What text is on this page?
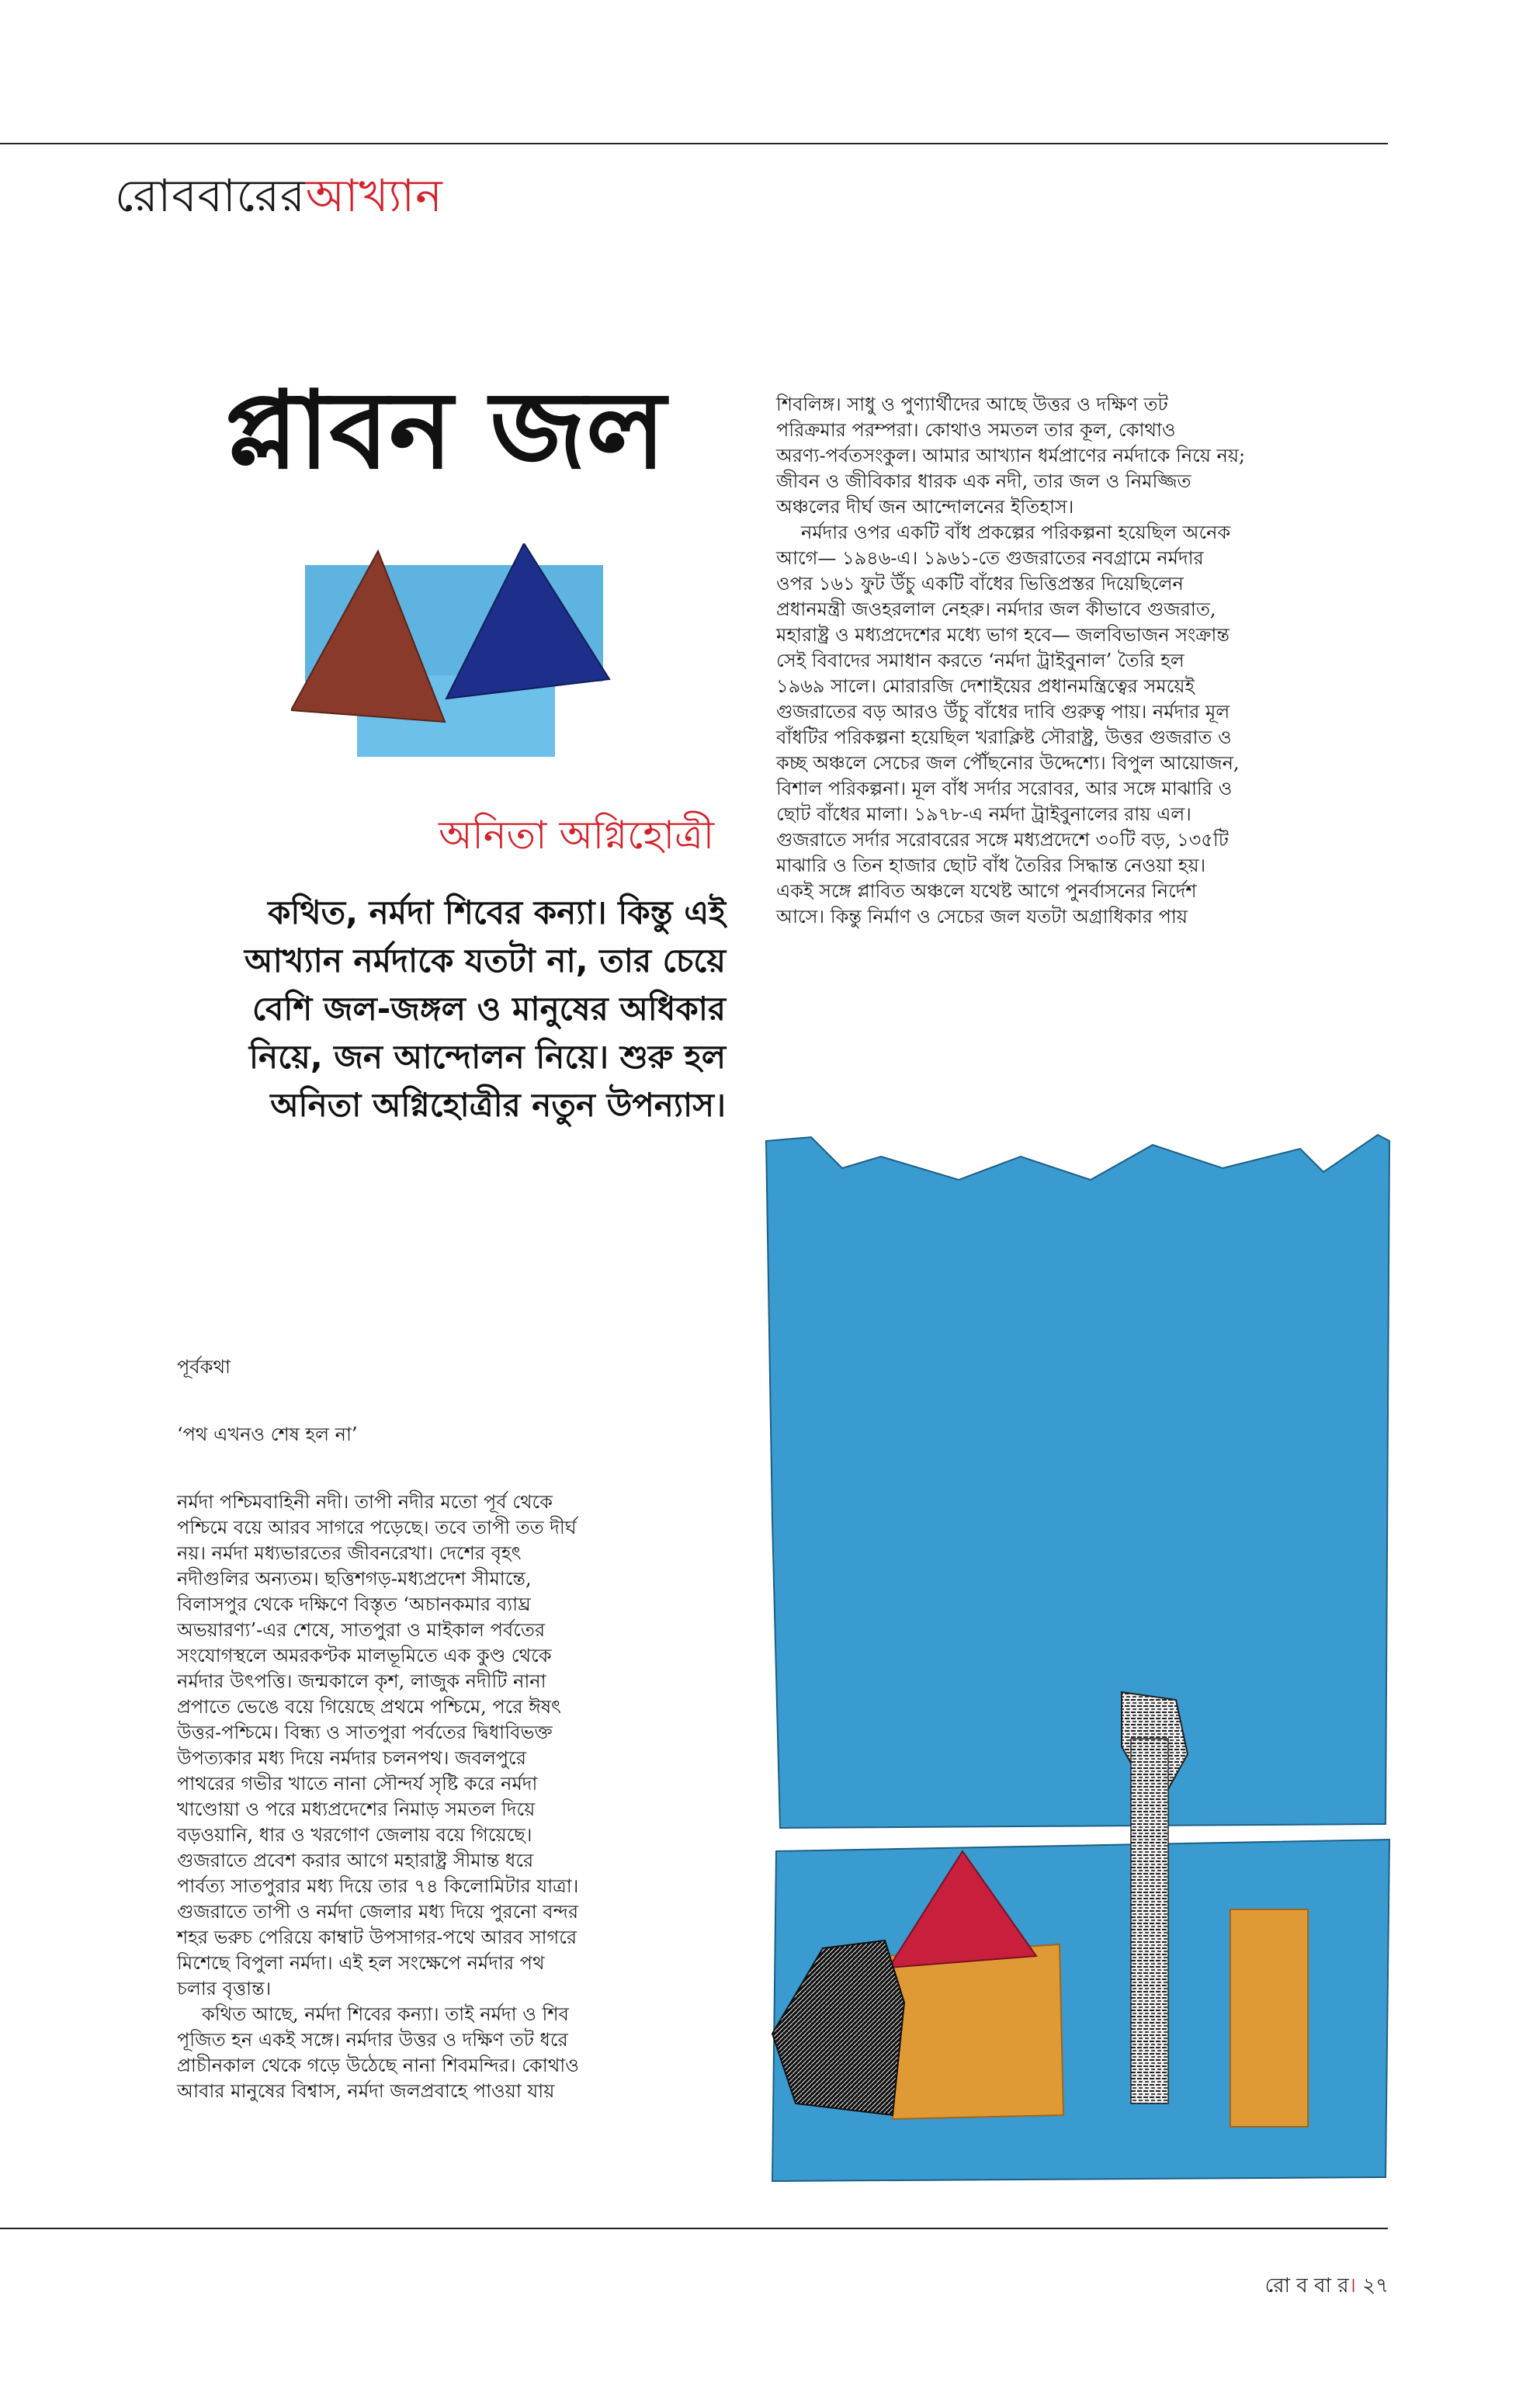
রোববারেরআখ্যান
প্লাবন জল
অনিতা অগ্নিহোত্রী
কথিত, নর্মদা শিবের কন্যা। কিন্তু এই
আখ্যান নর্মদাকে যতটা না, তার চেয়ে
বেশি জল-জঙ্গল ও মানুষের অধিকার
নিয়ে, জন আন্দোলন নিয়ে। শুরু হল
অনিতা অগ্নিহোত্রীর নতুন উপন্যাস।
পূর্বকথা
‘পথ এখনও শেষ হল না’
নর্মদা পশ্চিমবাহিনী নদী। তাপী নদীর মতো পূর্ব থেকে
পশ্চিমে বয়ে আরব সাগরে পড়েছে। তবে তাপী তত দীর্ঘ
নয়। নর্মদা মধ্যভারতের জীবনরেখা। দেশের বৃহৎ
নদীগুলির অন্যতম। ছত্তিশগড়-মধ্যপ্রদেশ সীমান্তে,
বিলাসপুর থেকে দক্ষিণে বিস্তৃত ‘অচানকমার ব্যাঘ্র
অভয়ারণ্য’-এর শেষে, সাতপুরা ও মাইকাল পর্বতের
সংযোগস্থলে অমরকণ্টক মালভূমিতে এক কুণ্ড থেকে
নর্মদার উৎপত্তি। জন্মকালে কৃশ, লাজুক নদীটি নানা
প্রপাতে ভেঙে বয়ে গিয়েছে প্রথমে পশ্চিমে, পরে ঈষৎ
উত্তর-পশ্চিমে। বিন্ধ্য ও সাতপুরা পর্বতের দ্বিধাবিভক্ত
উপত্যকার মধ্য দিয়ে নর্মদার চলনপথ। জবলপুরে
পাথরের গভীর খাতে নানা সৌন্দর্য সৃষ্টি করে নর্মদা
খাণ্ডোয়া ও পরে মধ্যপ্রদেশের নিমাড় সমতল দিয়ে
বড়ওয়ানি, ধার ও খরগোণ জেলায় বয়ে গিয়েছে।
গুজরাতে প্রবেশ করার আগে মহারাষ্ট্র সীমান্ত ধরে
পার্বত্য সাতপুরার মধ্য দিয়ে তার ৭৪ কিলোমিটার যাত্রা।
গুজরাতে তাপী ও নর্মদা জেলার মধ্য দিয়ে পুরনো বন্দর
শহর ভরুচ পেরিয়ে কাম্বাট উপসাগর-পথে আরব সাগরে
মিশেছে বিপুলা নর্মদা। এই হল সংক্ষেপে নর্মদার পথ
চলার বৃত্তান্ত।
কথিত আছে, নর্মদা শিবের কন্যা। তাই নর্মদা ও শিব
পূজিত হন একই সঙ্গে। নর্মদার উত্তর ও দক্ষিণ তট ধরে
প্রাচীনকাল থেকে গড়ে উঠেছে নানা শিবমন্দির। কোথাও
আবার মানুষের বিশ্বাস, নর্মদা জলপ্রবাহে পাওয়া যায়
শিবলিঙ্গ। সাধু ও পুণ্যার্থীদের আছে উত্তর ও দক্ষিণ তট
পরিক্রমার পরম্পরা। কোথাও সমতল তার কূল, কোথাও
অরণ্য-পর্বতসংকুল। আমার আখ্যান ধর্মপ্রাণের নর্মদাকে নিয়ে নয়;
জীবন ও জীবিকার ধারক এক নদী, তার জল ও নিমজ্জিত
অঞ্চলের দীর্ঘ জন আন্দোলনের ইতিহাস।
নর্মদার ওপর একটি বাঁধ প্রকল্পের পরিকল্পনা হয়েছিল অনেক
আগে— ১৯৪৬-এ। ১৯৬১-তে গুজরাতের নবগ্রামে নর্মদার
ওপর ১৬১ ফুট উঁচু একটি বাঁধের ভিত্তিপ্রস্তর দিয়েছিলেন
প্রধানমন্ত্রী জওহরলাল নেহরু। নর্মদার জল কীভাবে গুজরাত,
মহারাষ্ট্র ও মধ্যপ্রদেশের মধ্যে ভাগ হবে— জলবিভাজন সংক্রান্ত
সেই বিবাদের সমাধান করতে ‘নর্মদা ট্রাইবুনাল’ তৈরি হল
১৯৬৯ সালে। মোরারজি দেশাইয়ের প্রধানমন্ত্রিত্বের সময়েই
গুজরাতের বড় আরও উঁচু বাঁধের দাবি গুরুত্ব পায়। নর্মদার মূল
বাঁধটির পরিকল্পনা হয়েছিল খরাক্লিষ্ট সৌরাষ্ট্র, উত্তর গুজরাত ও
কচ্ছ অঞ্চলে সেচের জল পৌঁছনোর উদ্দেশ্যে। বিপুল আয়োজন,
বিশাল পরিকল্পনা। মূল বাঁধ সর্দার সরোবর, আর সঙ্গে মাঝারি ও
ছোট বাঁধের মালা। ১৯৭৮-এ নর্মদা ট্রাইবুনালের রায় এল।
গুজরাতে সর্দার সরোবরের সঙ্গে মধ্যপ্রদেশে ৩০টি বড়, ১৩৫টি
মাঝারি ও তিন হাজার ছোট বাঁধ তৈরির সিদ্ধান্ত নেওয়া হয়।
একই সঙ্গে প্লাবিত অঞ্চলে যথেষ্ট আগে পুনর্বাসনের নির্দেশ
আসে। কিন্তু নির্মাণ ও সেচের জল যতটা অগ্রাধিকার পায়
রো ব বা র। ২৭
